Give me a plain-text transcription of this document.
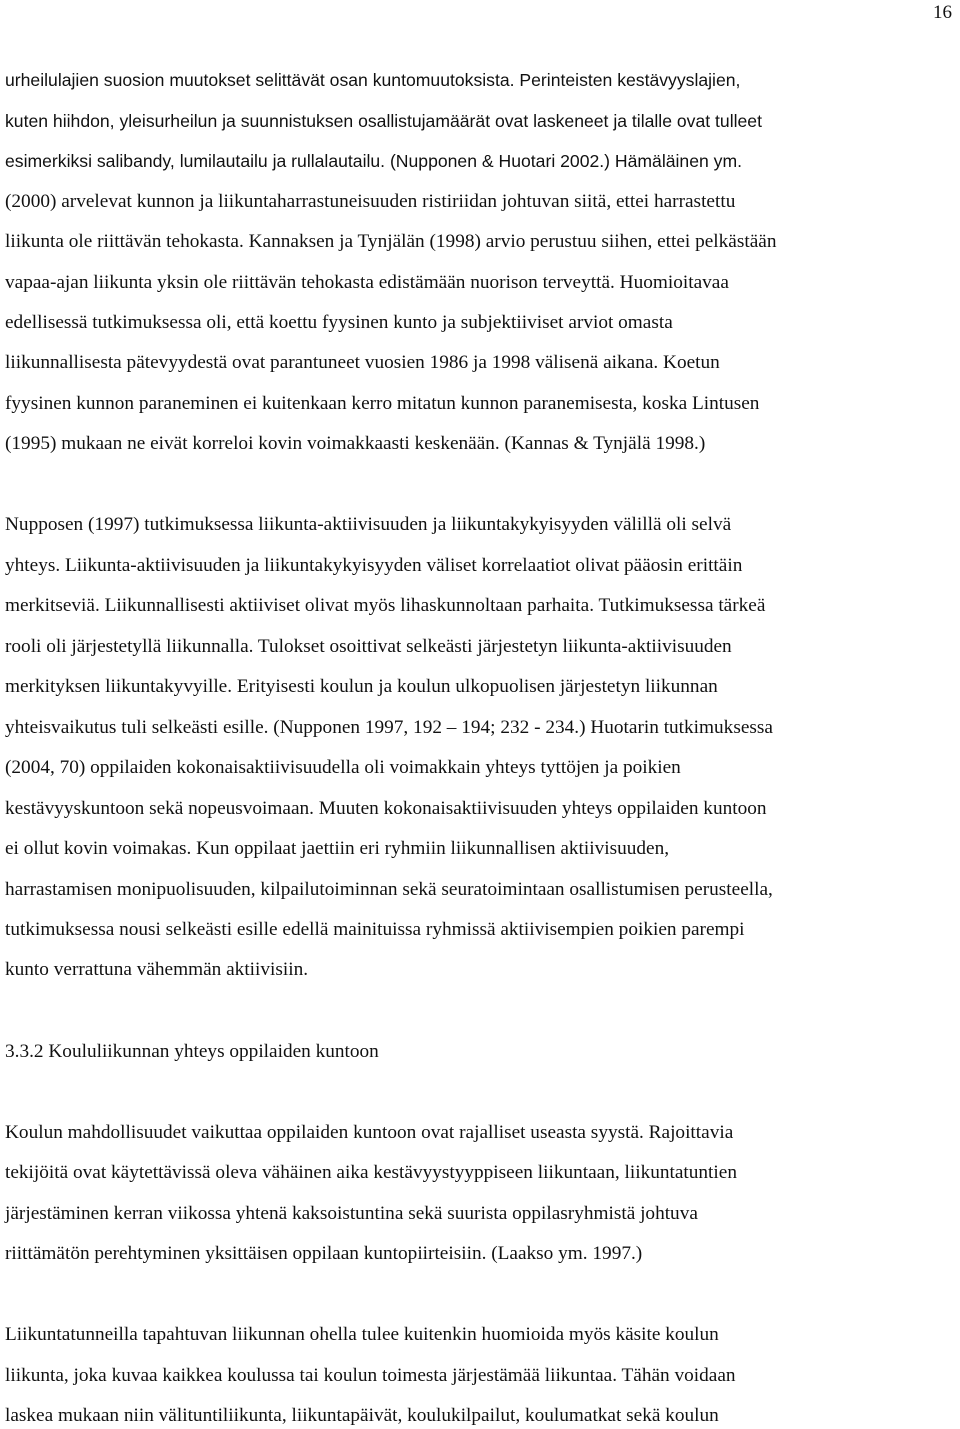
16
urheilulajien suosion muutokset selittävät osan kuntomuutoksista. Perinteisten kestävyyslajien,
kuten hiihdon, yleisurheilun ja suunnistuksen osallistujamäärät ovat laskeneet ja tilalle ovat tulleet
esimerkiksi salibandy, lumilautailu ja rullalautailu. (Nupponen & Huotari 2002.) Hämäläinen ym.
(2000) arvelevat kunnon ja liikuntaharrastuneisuuden ristiriidan johtuvan siitä, ettei harrastettu
liikunta ole riittävän tehokasta. Kannaksen ja Tynjälän (1998) arvio perustuu siihen, ettei pelkästään
vapaa-ajan liikunta yksin ole riittävän tehokasta edistämään nuorison terveyttä. Huomioitavaa
edellisessä tutkimuksessa oli, että koettu fyysinen kunto ja subjektiiviset arviot omasta
liikunnallisesta pätevyydestä ovat parantuneet vuosien 1986 ja 1998 välisenä aikana. Koetun
fyysinen kunnon paraneminen ei kuitenkaan kerro mitatun kunnon paranemisesta, koska Lintusen
(1995) mukaan ne eivät korreloi kovin voimakkaasti keskenään. (Kannas & Tynjälä 1998.)
Nupposen (1997) tutkimuksessa liikunta-aktiivisuuden ja liikuntakykyisyyden välillä oli selvä
yhteys. Liikunta-aktiivisuuden ja liikuntakykyisyyden väliset korrelaatiot olivat pääosin erittäin
merkitseviä. Liikunnallisesti aktiiviset olivat myös lihaskunnoltaan parhaita. Tutkimuksessa tärkeä
rooli oli järjestetyllä liikunnalla. Tulokset osoittivat selkeästi järjestetyn liikunta-aktiivisuuden
merkityksen liikuntakyvyille. Erityisesti koulun ja koulun ulkopuolisen järjestetyn liikunnan
yhteisvaikutus tuli selkeästi esille. (Nupponen 1997, 192 – 194; 232 - 234.) Huotarin tutkimuksessa
(2004, 70) oppilaiden kokonaisaktiivisuudella oli voimakkain yhteys tyttöjen ja poikien
kestävyyskuntoon sekä nopeusvoimaan. Muuten kokonaisaktiivisuuden yhteys oppilaiden kuntoon
ei ollut kovin voimakas. Kun oppilaat jaettiin eri ryhmiin liikunnallisen aktiivisuuden,
harrastamisen monipuolisuuden, kilpailutoiminnan sekä seuratoimintaan osallistumisen perusteella,
tutkimuksessa nousi selkeästi esille edellä mainituissa ryhmissä aktiivisempien poikien parempi
kunto verrattuna vähemmän aktiivisiin.
3.3.2 Koululiikunnan yhteys oppilaiden kuntoon
Koulun mahdollisuudet vaikuttaa oppilaiden kuntoon ovat rajalliset useasta syystä. Rajoittavia
tekijöitä ovat käytettävissä oleva vähäinen aika kestävyystyyppiseen liikuntaan, liikuntatuntien
järjestäminen kerran viikossa yhtenä kaksoistuntina sekä suurista oppilasryhmistä johtuva
riittämätön perehtyminen yksittäisen oppilaan kuntopiirteisiin. (Laakso ym. 1997.)
Liikuntatunneilla tapahtuvan liikunnan ohella tulee kuitenkin huomioida myös käsite koulun
liikunta, joka kuvaa kaikkea koulussa tai koulun toimesta järjestämää liikuntaa. Tähän voidaan
laskea mukaan niin välituntiliikunta, liikuntapäivät, koulukilpailut, koulumatkat sekä koulun
